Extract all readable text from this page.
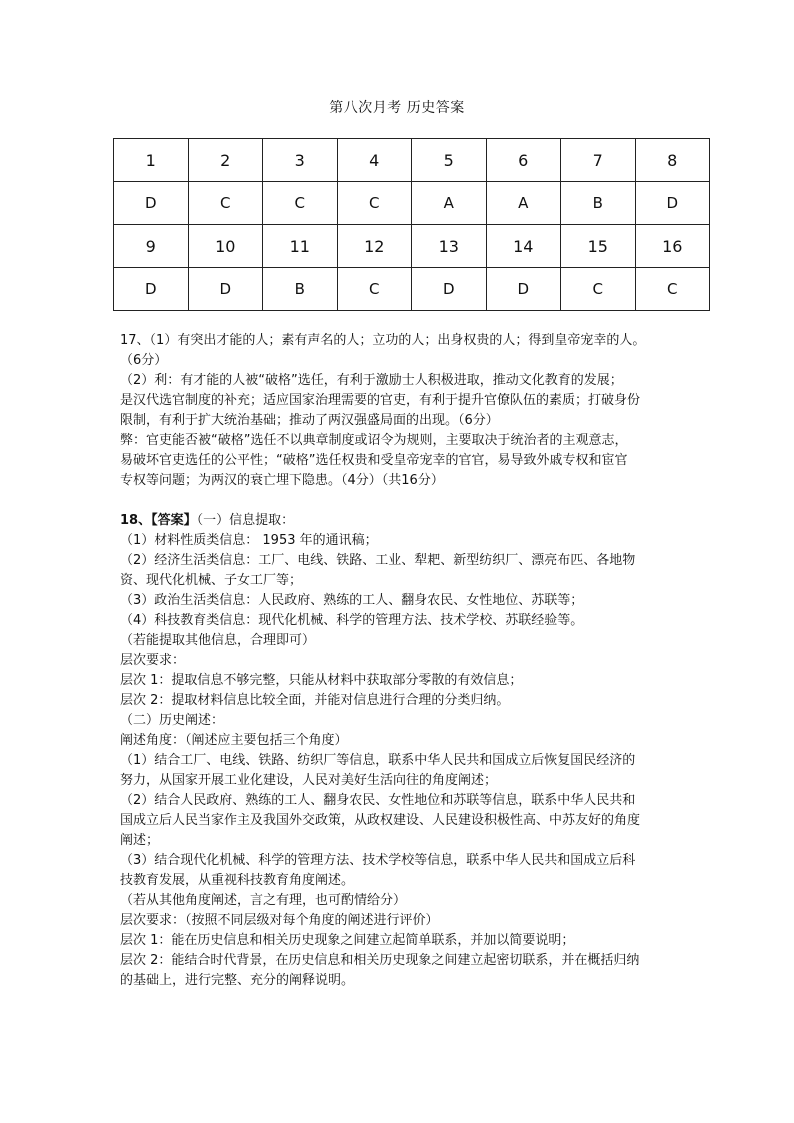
第八次月考 历史答案
1	2	3	4	5	6	7	8
D	C	C	C	A	A	B	D
9	10	11	12	13	14	15	16
D	D	B	C	D	D	C	C

17、（1）有突出才能的人；素有声名的人；立功的人；出身权贵的人；得到皇帝宠幸的人。

（6分）

（2）利：有才能的人被“破格”选任，有利于激励士人积极进取，推动文化教育的发展；

是汉代选官制度的补充；适应国家治理需要的官吏，有利于提升官僚队伍的素质；打破身份

限制，有利于扩大统治基础；推动了两汉强盛局面的出现。（6分）

弊：官吏能否被“破格”选任不以典章制度或诏令为规则，主要取决于统治者的主观意志，

易破坏官吏选任的公平性；“破格”选任权贵和受皇帝宠幸的官官，易导致外戚专权和宦官

专权等问题；为两汉的衰亡埋下隐患。（4分）（共16分）

18、【答案】（一）信息提取：

（1）材料性质类信息： 1953 年的通讯稿；

（2）经济生活类信息：工厂、电线、铁路、工业、犁耙、新型纺织厂、漂亮布匹、各地物

资、现代化机械、子女工厂等；

（3）政治生活类信息：人民政府、熟练的工人、翻身农民、女性地位、苏联等；

（4）科技教育类信息：现代化机械、科学的管理方法、技术学校、苏联经验等。

（若能提取其他信息，合理即可）

层次要求：

层次 1：提取信息不够完整，只能从材料中获取部分零散的有效信息；

层次 2：提取材料信息比较全面，并能对信息进行合理的分类归纳。

（二）历史阐述：

阐述角度：（阐述应主要包括三个角度）

（1）结合工厂、电线、铁路、纺织厂等信息，联系中华人民共和国成立后恢复国民经济的

努力，从国家开展工业化建设，人民对美好生活向往的角度阐述；

（2）结合人民政府、熟练的工人、翻身农民、女性地位和苏联等信息，联系中华人民共和

国成立后人民当家作主及我国外交政策，从政权建设、人民建设积极性高、中苏友好的角度

阐述；

（3）结合现代化机械、科学的管理方法、技术学校等信息，联系中华人民共和国成立后科

技教育发展，从重视科技教育角度阐述。

（若从其他角度阐述，言之有理，也可酌情给分）

层次要求：（按照不同层级对每个角度的阐述进行评价）

层次 1：能在历史信息和相关历史现象之间建立起简单联系，并加以简要说明；

层次 2：能结合时代背景，在历史信息和相关历史现象之间建立起密切联系，并在概括归纳

的基础上，进行完整、充分的阐释说明。
